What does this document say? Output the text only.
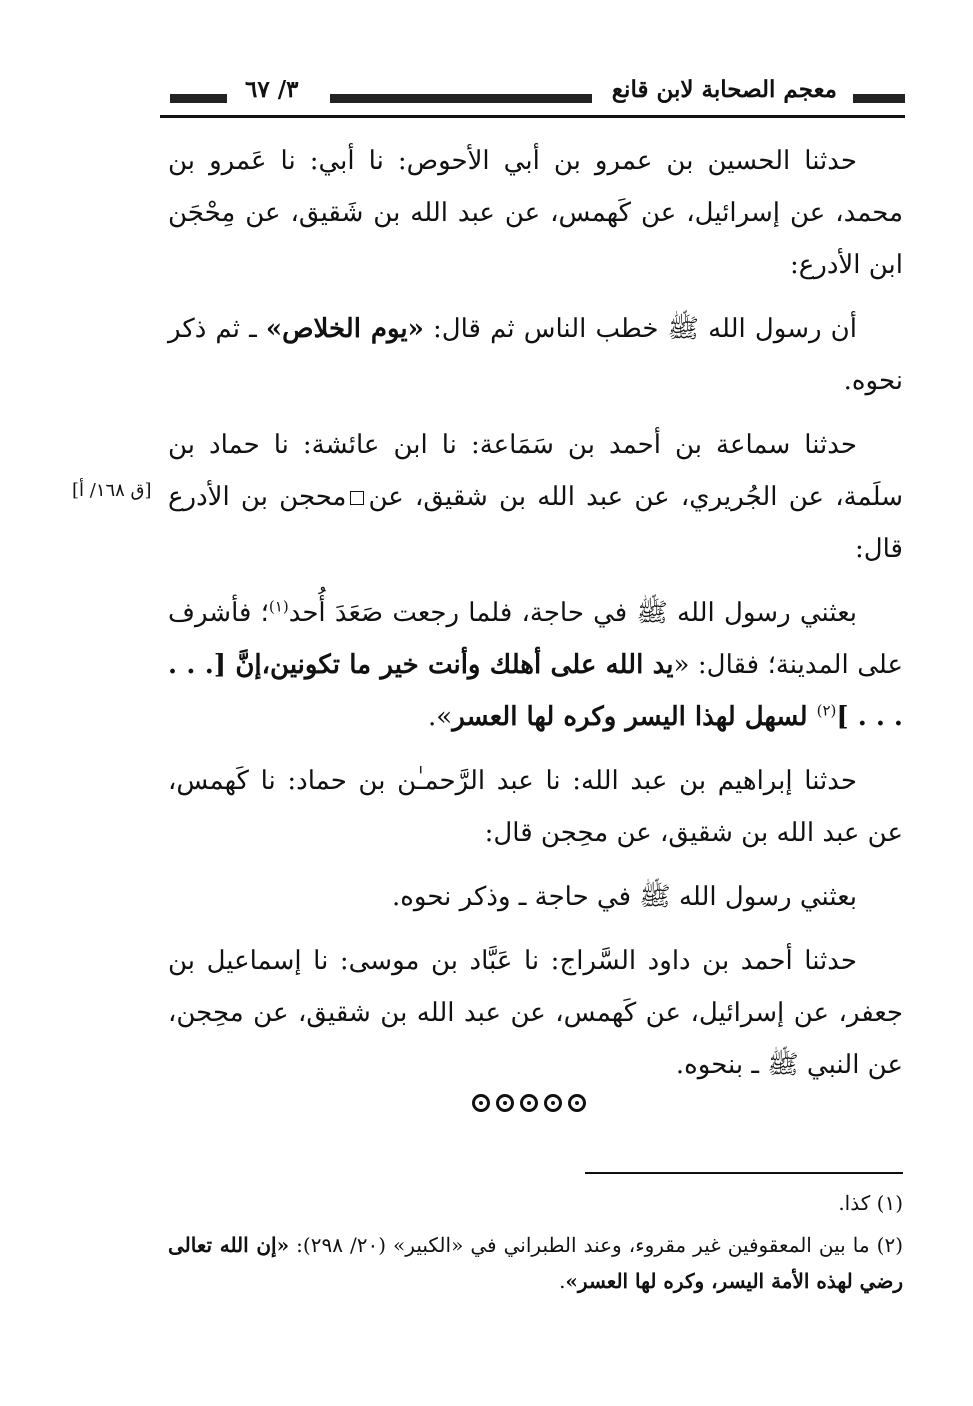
معجم الصحابة لابن قانع
٣/ ٦٧
[ق ١٦٨/ أ]

حدثنا الحسين بن عمرو بن أبي الأحوص: نا أبي: نا عَمرو بن محمد، عن إسرائيل، عن كَهمس، عن عبد الله بن شَقيق، عن مِحْجَن ابن الأدرع:

أن رسول الله ﷺ خطب الناس ثم قال: «يوم الخلاص» ـ ثم ذكر نحوه.

حدثنا سماعة بن أحمد بن سَمَاعة: نا ابن عائشة: نا حماد بن سلَمة، عن الجُريري، عن عبد الله بن شقيق، عنمحجن بن الأدرع قال:

بعثني رسول الله ﷺ في حاجة، فلما رجعت صَعَدَ أُحد$^{(١)}$؛ فأشرف على المدينة؛ فقال: «يد الله على أهلك وأنت خير ما تكونين،إنَّ [. . . . . . ]$^{(٢)}$ لسهل لهذا اليسر وكره لها العسر».

حدثنا إبراهيم بن عبد الله: نا عبد الرَّحمـٰن بن حماد: نا كَهمس، عن عبد الله بن شقيق، عن محِجن قال:

بعثني رسول الله ﷺ في حاجة ـ وذكر نحوه.

حدثنا أحمد بن داود السَّراج: نا عَبَّاد بن موسى: نا إسماعيل بن جعفر، عن إسرائيل، عن كَهمس، عن عبد الله بن شقيق، عن محِجن، عن النبي ﷺ ـ بنحوه.

(١) كذا.

(٢) ما بين المعقوفين غير مقروء، وعند الطبراني في «الكبير» (٢٠/ ٢٩٨): «إن الله تعالى رضي لهذه الأمة اليسر، وكره لها العسر».
